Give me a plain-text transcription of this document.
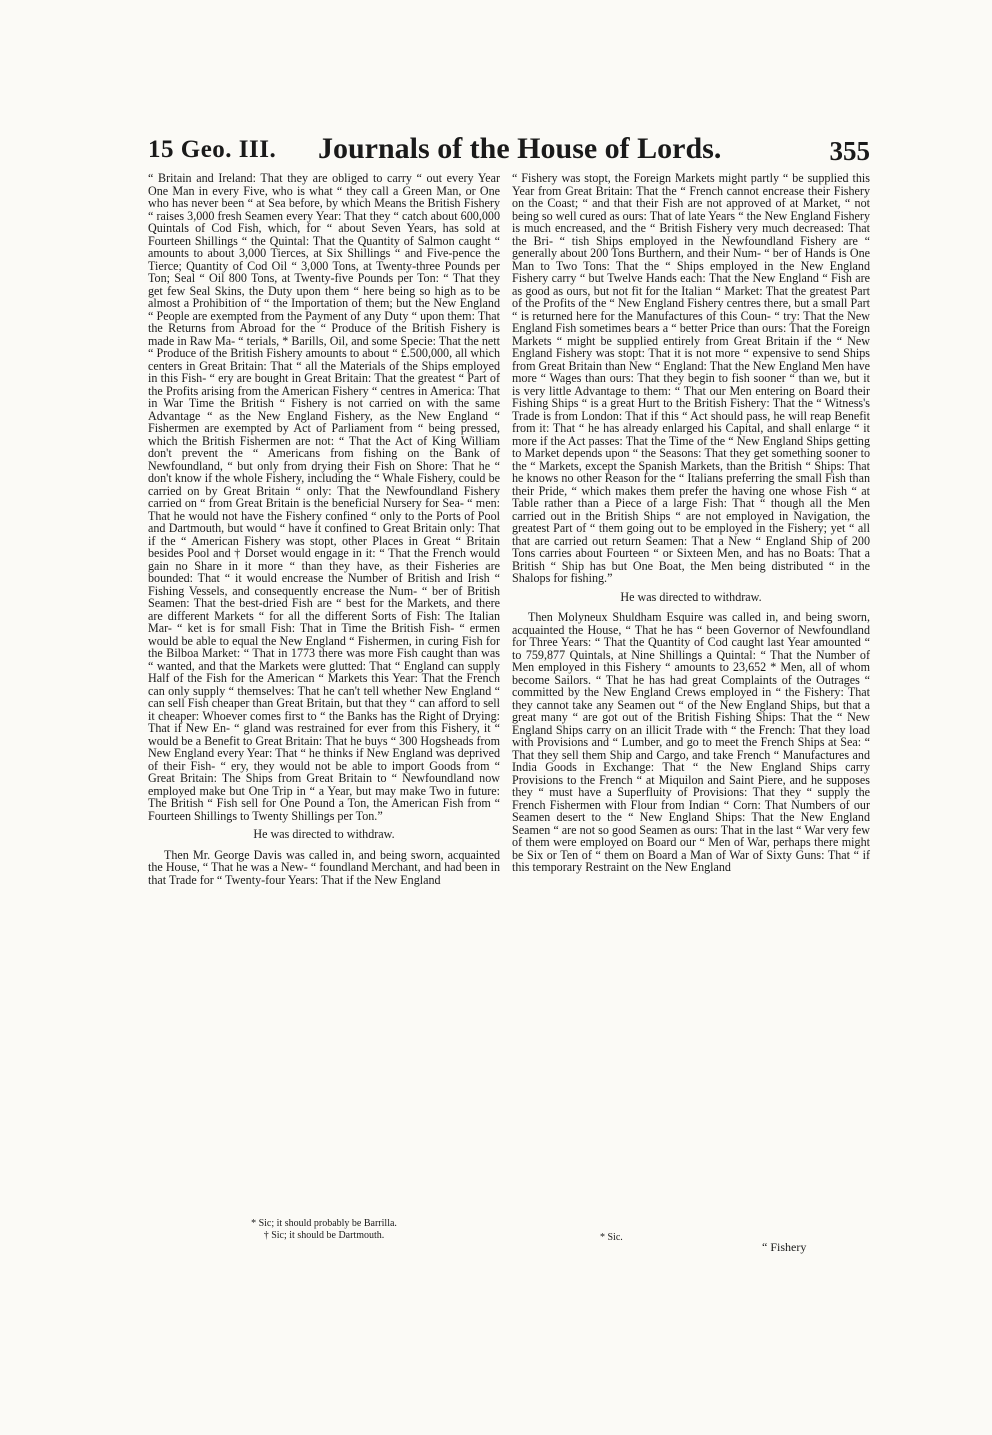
15 Geo. III. Journals of the House of Lords.	355

“ Britain and Ireland: That they are obliged to carry “ out every Year One Man in every Five, who is what “ they call a Green Man, or One who has never been “ at Sea before, by which Means the British Fishery “ raises 3,000 fresh Seamen every Year: That they “ catch about 600,000 Quintals of Cod Fish, which, for “ about Seven Years, has sold at Fourteen Shillings “ the Quintal: That the Quantity of Salmon caught “ amounts to about 3,000 Tierces, at Six Shillings “ and Five-pence the Tierce; Quantity of Cod Oil “ 3,000 Tons, at Twenty-three Pounds per Ton; Seal “ Oil 800 Tons, at Twenty-five Pounds per Ton: “ That they get few Seal Skins, the Duty upon them “ here being so high as to be almost a Prohibition of “ the Importation of them; but the New England “ People are exempted from the Payment of any Duty “ upon them: That the Returns from Abroad for the “ Produce of the British Fishery is made in Raw Ma- “ terials, * Barills, Oil, and some Specie: That the nett “ Produce of the British Fishery amounts to about “ £.500,000, all which centers in Great Britain: That “ all the Materials of the Ships employed in this Fish- “ ery are bought in Great Britain: That the greatest “ Part of the Profits arising from the American Fishery “ centres in America: That in War Time the British “ Fishery is not carried on with the same Advantage “ as the New England Fishery, as the New England “ Fishermen are exempted by Act of Parliament from “ being pressed, which the British Fishermen are not: “ That the Act of King William don't prevent the “ Americans from fishing on the Bank of Newfoundland, “ but only from drying their Fish on Shore: That he “ don't know if the whole Fishery, including the “ Whale Fishery, could be carried on by Great Britain “ only: That the Newfoundland Fishery carried on “ from Great Britain is the beneficial Nursery for Sea- “ men: That he would not have the Fishery confined “ only to the Ports of Pool and Dartmouth, but would “ have it confined to Great Britain only: That if the “ American Fishery was stopt, other Places in Great “ Britain besides Pool and † Dorset would engage in it: “ That the French would gain no Share in it more “ than they have, as their Fisheries are bounded: That “ it would encrease the Number of British and Irish “ Fishing Vessels, and consequently encrease the Num- “ ber of British Seamen: That the best-dried Fish are “ best for the Markets, and there are different Markets “ for all the different Sorts of Fish: The Italian Mar- “ ket is for small Fish: That in Time the British Fish- “ ermen would be able to equal the New England “ Fishermen, in curing Fish for the Bilboa Market: “ That in 1773 there was more Fish caught than was “ wanted, and that the Markets were glutted: That “ England can supply Half of the Fish for the American “ Markets this Year: That the French can only supply “ themselves: That he can't tell whether New England “ can sell Fish cheaper than Great Britain, but that they “ can afford to sell it cheaper: Whoever comes first to “ the Banks has the Right of Drying: That if New En- “ gland was restrained for ever from this Fishery, it “ would be a Benefit to Great Britain: That he buys “ 300 Hogsheads from New England every Year: That “ he thinks if New England was deprived of their Fish- “ ery, they would not be able to import Goods from “ Great Britain: The Ships from Great Britain to “ Newfoundland now employed make but One Trip in “ a Year, but may make Two in future: The British “ Fish sell for One Pound a Ton, the American Fish from “ Fourteen Shillings to Twenty Shillings per Ton.”

He was directed to withdraw.

Then Mr. George Davis was called in, and being sworn, acquainted the House, “ That he was a New- “ foundland Merchant, and had been in that Trade for “ Twenty-four Years: That if the New England

“ Fishery was stopt, the Foreign Markets might partly “ be supplied this Year from Great Britain: That the “ French cannot encrease their Fishery on the Coast; “ and that their Fish are not approved of at Market, “ not being so well cured as ours: That of late Years “ the New England Fishery is much encreased, and the “ British Fishery very much decreased: That the Bri- “ tish Ships employed in the Newfoundland Fishery are “ generally about 200 Tons Burthern, and their Num- “ ber of Hands is One Man to Two Tons: That the “ Ships employed in the New England Fishery carry “ but Twelve Hands each: That the New England “ Fish are as good as ours, but not fit for the Italian “ Market: That the greatest Part of the Profits of the “ New England Fishery centres there, but a small Part “ is returned here for the Manufactures of this Coun- “ try: That the New England Fish sometimes bears a “ better Price than ours: That the Foreign Markets “ might be supplied entirely from Great Britain if the “ New England Fishery was stopt: That it is not more “ expensive to send Ships from Great Britain than New “ England: That the New England Men have more “ Wages than ours: That they begin to fish sooner “ than we, but it is very little Advantage to them: “ That our Men entering on Board their Fishing Ships “ is a great Hurt to the British Fishery: That the “ Witness's Trade is from London: That if this “ Act should pass, he will reap Benefit from it: That “ he has already enlarged his Capital, and shall enlarge “ it more if the Act passes: That the Time of the “ New England Ships getting to Market depends upon “ the Seasons: That they get something sooner to the “ Markets, except the Spanish Markets, than the British “ Ships: That he knows no other Reason for the “ Italians preferring the small Fish than their Pride, “ which makes them prefer the having one whose Fish “ at Table rather than a Piece of a large Fish: That “ though all the Men carried out in the British Ships “ are not employed in Navigation, the greatest Part of “ them going out to be employed in the Fishery; yet “ all that are carried out return Seamen: That a New “ England Ship of 200 Tons carries about Fourteen “ or Sixteen Men, and has no Boats: That a British “ Ship has but One Boat, the Men being distributed “ in the Shalops for fishing.”

He was directed to withdraw.

Then Molyneux Shuldham Esquire was called in, and being sworn, acquainted the House, “ That he has “ been Governor of Newfoundland for Three Years: “ That the Quantity of Cod caught last Year amounted “ to 759,877 Quintals, at Nine Shillings a Quintal: “ That the Number of Men employed in this Fishery “ amounts to 23,652 * Men, all of whom become Sailors. “ That he has had great Complaints of the Outrages “ committed by the New England Crews employed in “ the Fishery: That they cannot take any Seamen out “ of the New England Ships, but that a great many “ are got out of the British Fishing Ships: That the “ New England Ships carry on an illicit Trade with “ the French: That they load with Provisions and “ Lumber, and go to meet the French Ships at Sea: “ That they sell them Ship and Cargo, and take French “ Manufactures and India Goods in Exchange: That “ the New England Ships carry Provisions to the French “ at Miquilon and Saint Piere, and he supposes they “ must have a Superfluity of Provisions: That they “ supply the French Fishermen with Flour from Indian “ Corn: That Numbers of our Seamen desert to the “ New England Ships: That the New England Seamen “ are not so good Seamen as ours: That in the last “ War very few of them were employed on Board our “ Men of War, perhaps there might be Six or Ten of “ them on Board a Man of War of Sixty Guns: That “ if this temporary Restraint on the New England

* Sic; it should probably be Barrilla.
† Sic; it should be Dartmouth.	* Sic.
“ Fishery
